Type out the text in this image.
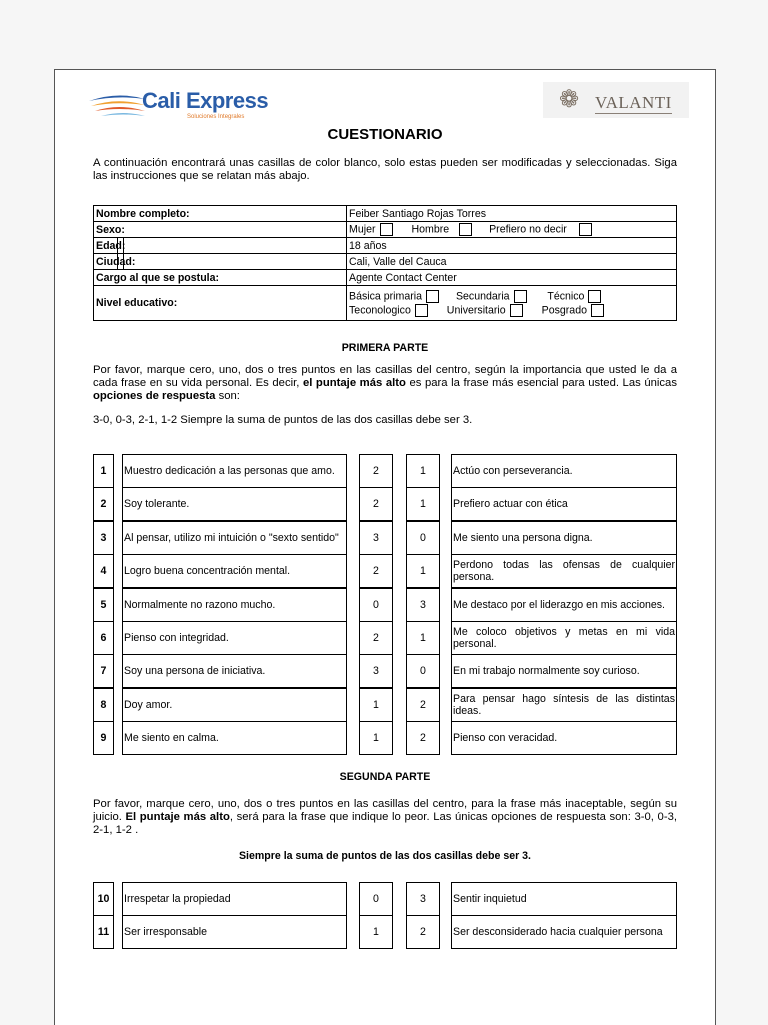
Cali Express
Soluciones Integrales
❁ VALANTI
CUESTIONARIO
A continuación encontrará unas casillas de color blanco, solo estas pueden ser modificadas y seleccionadas. Siga las instrucciones que se relatan más abajo.
Nombre completo:	Feiber Santiago Rojas Torres
Sexo:	Mujer Hombre Prefiero no decir
Edad:	18 años
Ciudad:	Cali, Valle del Cauca
Cargo al que se postula:	Agente Contact Center
Nivel educativo:	Básica primaria Secundaria Técnico
Teconologico Universitario Posgrado
PRIMERA PARTE
Por favor, marque cero, uno, dos o tres puntos en las casillas del centro, según la importancia que usted le da a cada frase en su vida personal. Es decir, el puntaje más alto es para la frase más esencial para usted. Las únicas opciones de respuesta son:
3-0, 0-3, 2-1, 1-2 Siempre la suma de puntos de las dos casillas debe ser 3.
1 Muestro dedicación a las personas que amo.	2	1	Actúo con perseverancia.
2 Soy tolerante.	2	1	Prefiero actuar con ética
3 Al pensar, utilizo mi intuición o "sexto sentido"	3	0	Me siento una persona digna.
4 Logro buena concentración mental.	2	1	Perdono todas las ofensas de cualquier persona.
5 Normalmente no razono mucho.	0	3	Me destaco por el liderazgo en mis acciones.
6 Pienso con integridad.	2	1	Me coloco objetivos y metas en mi vida personal.
7 Soy una persona de iniciativa.	3	0	En mi trabajo normalmente soy curioso.
8 Doy amor.	1	2	Para pensar hago síntesis de las distintas ideas.
9 Me siento en calma.	1	2	Pienso con veracidad.
SEGUNDA PARTE
Por favor, marque cero, uno, dos o tres puntos en las casillas del centro, para la frase más inaceptable, según su juicio. El puntaje más alto, será para la frase que indique lo peor. Las únicas opciones de respuesta son: 3-0, 0-3, 2-1, 1-2 .
Siempre la suma de puntos de las dos casillas debe ser 3.
10 Irrespetar la propiedad	0	3	Sentir inquietud
11 Ser irresponsable	1	2	Ser desconsiderado hacia cualquier persona
